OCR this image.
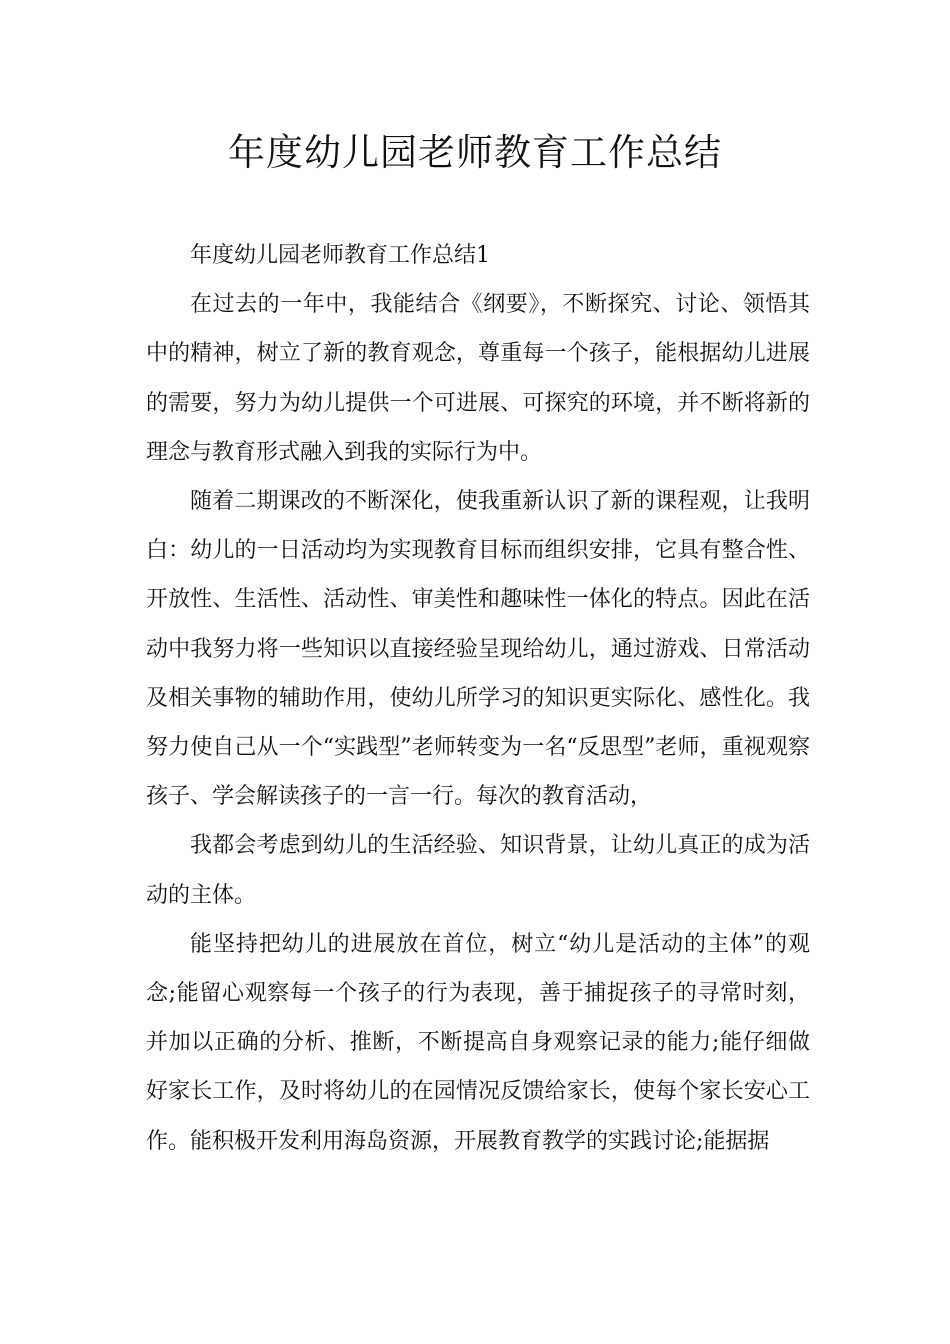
年度幼儿园老师教育工作总结

年度幼儿园老师教育工作总结1

在过去的一年中，我能结合《纲要》，不断探究、讨论、领悟其中的精神，树立了新的教育观念，尊重每一个孩子，能根据幼儿进展的需要，努力为幼儿提供一个可进展、可探究的环境，并不断将新的理念与教育形式融入到我的实际行为中。

随着二期课改的不断深化，使我重新认识了新的课程观，让我明白：幼儿的一日活动均为实现教育目标而组织安排，它具有整合性、开放性、生活性、活动性、审美性和趣味性一体化的特点。因此在活动中我努力将一些知识以直接经验呈现给幼儿，通过游戏、日常活动及相关事物的辅助作用，使幼儿所学习的知识更实际化、感性化。我努力使自己从一个“实践型”老师转变为一名“反思型”老师，重视观察孩子、学会解读孩子的一言一行。每次的教育活动，

我都会考虑到幼儿的生活经验、知识背景，让幼儿真正的成为活动的主体。

能坚持把幼儿的进展放在首位，树立“幼儿是活动的主体”的观念;能留心观察每一个孩子的行为表现，善于捕捉孩子的寻常时刻，并加以正确的分析、推断，不断提高自身观察记录的能力;能仔细做好家长工作，及时将幼儿的在园情况反馈给家长，使每个家长安心工作。能积极开发利用海岛资源，开展教育教学的实践讨论;能据据
